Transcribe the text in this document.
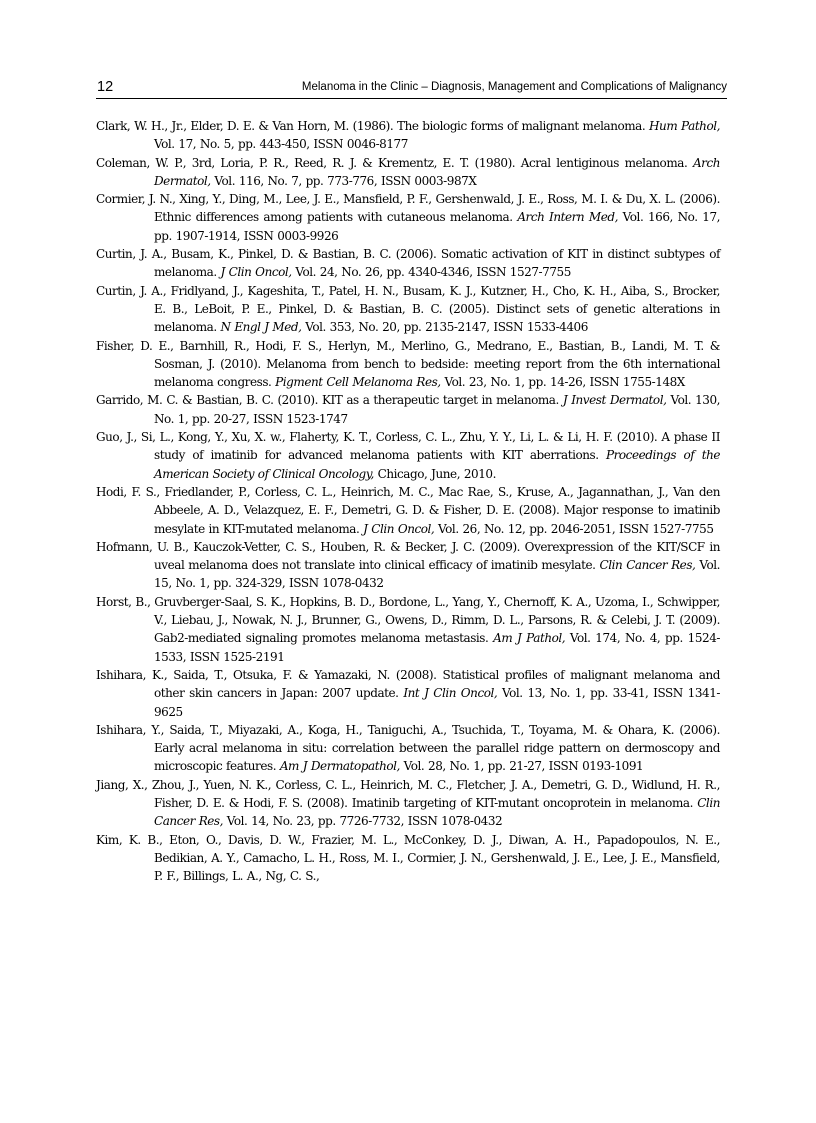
12	Melanoma in the Clinic – Diagnosis, Management and Complications of Malignancy

Clark, W. H., Jr., Elder, D. E. & Van Horn, M. (1986). The biologic forms of malignant melanoma. Hum Pathol, Vol. 17, No. 5, pp. 443-450, ISSN 0046-8177

Coleman, W. P., 3rd, Loria, P. R., Reed, R. J. & Krementz, E. T. (1980). Acral lentiginous melanoma. Arch Dermatol, Vol. 116, No. 7, pp. 773-776, ISSN 0003-987X

Cormier, J. N., Xing, Y., Ding, M., Lee, J. E., Mansfield, P. F., Gershenwald, J. E., Ross, M. I. & Du, X. L. (2006). Ethnic differences among patients with cutaneous melanoma. Arch Intern Med, Vol. 166, No. 17, pp. 1907-1914, ISSN 0003-9926

Curtin, J. A., Busam, K., Pinkel, D. & Bastian, B. C. (2006). Somatic activation of KIT in distinct subtypes of melanoma. J Clin Oncol, Vol. 24, No. 26, pp. 4340-4346, ISSN 1527-7755

Curtin, J. A., Fridlyand, J., Kageshita, T., Patel, H. N., Busam, K. J., Kutzner, H., Cho, K. H., Aiba, S., Brocker, E. B., LeBoit, P. E., Pinkel, D. & Bastian, B. C. (2005). Distinct sets of genetic alterations in melanoma. N Engl J Med, Vol. 353, No. 20, pp. 2135-2147, ISSN 1533-4406

Fisher, D. E., Barnhill, R., Hodi, F. S., Herlyn, M., Merlino, G., Medrano, E., Bastian, B., Landi, M. T. & Sosman, J. (2010). Melanoma from bench to bedside: meeting report from the 6th international melanoma congress. Pigment Cell Melanoma Res, Vol. 23, No. 1, pp. 14-26, ISSN 1755-148X

Garrido, M. C. & Bastian, B. C. (2010). KIT as a therapeutic target in melanoma. J Invest Dermatol, Vol. 130, No. 1, pp. 20-27, ISSN 1523-1747

Guo, J., Si, L., Kong, Y., Xu, X. w., Flaherty, K. T., Corless, C. L., Zhu, Y. Y., Li, L. & Li, H. F. (2010). A phase II study of imatinib for advanced melanoma patients with KIT aberrations. Proceedings of the American Society of Clinical Oncology, Chicago, June, 2010.

Hodi, F. S., Friedlander, P., Corless, C. L., Heinrich, M. C., Mac Rae, S., Kruse, A., Jagannathan, J., Van den Abbeele, A. D., Velazquez, E. F., Demetri, G. D. & Fisher, D. E. (2008). Major response to imatinib mesylate in KIT-mutated melanoma. J Clin Oncol, Vol. 26, No. 12, pp. 2046-2051, ISSN 1527-7755

Hofmann, U. B., Kauczok-Vetter, C. S., Houben, R. & Becker, J. C. (2009). Overexpression of the KIT/SCF in uveal melanoma does not translate into clinical efficacy of imatinib mesylate. Clin Cancer Res, Vol. 15, No. 1, pp. 324-329, ISSN 1078-0432

Horst, B., Gruvberger-Saal, S. K., Hopkins, B. D., Bordone, L., Yang, Y., Chernoff, K. A., Uzoma, I., Schwipper, V., Liebau, J., Nowak, N. J., Brunner, G., Owens, D., Rimm, D. L., Parsons, R. & Celebi, J. T. (2009). Gab2-mediated signaling promotes melanoma metastasis. Am J Pathol, Vol. 174, No. 4, pp. 1524-1533, ISSN 1525-2191

Ishihara, K., Saida, T., Otsuka, F. & Yamazaki, N. (2008). Statistical profiles of malignant melanoma and other skin cancers in Japan: 2007 update. Int J Clin Oncol, Vol. 13, No. 1, pp. 33-41, ISSN 1341-9625

Ishihara, Y., Saida, T., Miyazaki, A., Koga, H., Taniguchi, A., Tsuchida, T., Toyama, M. & Ohara, K. (2006). Early acral melanoma in situ: correlation between the parallel ridge pattern on dermoscopy and microscopic features. Am J Dermatopathol, Vol. 28, No. 1, pp. 21-27, ISSN 0193-1091

Jiang, X., Zhou, J., Yuen, N. K., Corless, C. L., Heinrich, M. C., Fletcher, J. A., Demetri, G. D., Widlund, H. R., Fisher, D. E. & Hodi, F. S. (2008). Imatinib targeting of KIT-mutant oncoprotein in melanoma. Clin Cancer Res, Vol. 14, No. 23, pp. 7726-7732, ISSN 1078-0432

Kim, K. B., Eton, O., Davis, D. W., Frazier, M. L., McConkey, D. J., Diwan, A. H., Papadopoulos, N. E., Bedikian, A. Y., Camacho, L. H., Ross, M. I., Cormier, J. N., Gershenwald, J. E., Lee, J. E., Mansfield, P. F., Billings, L. A., Ng, C. S.,
